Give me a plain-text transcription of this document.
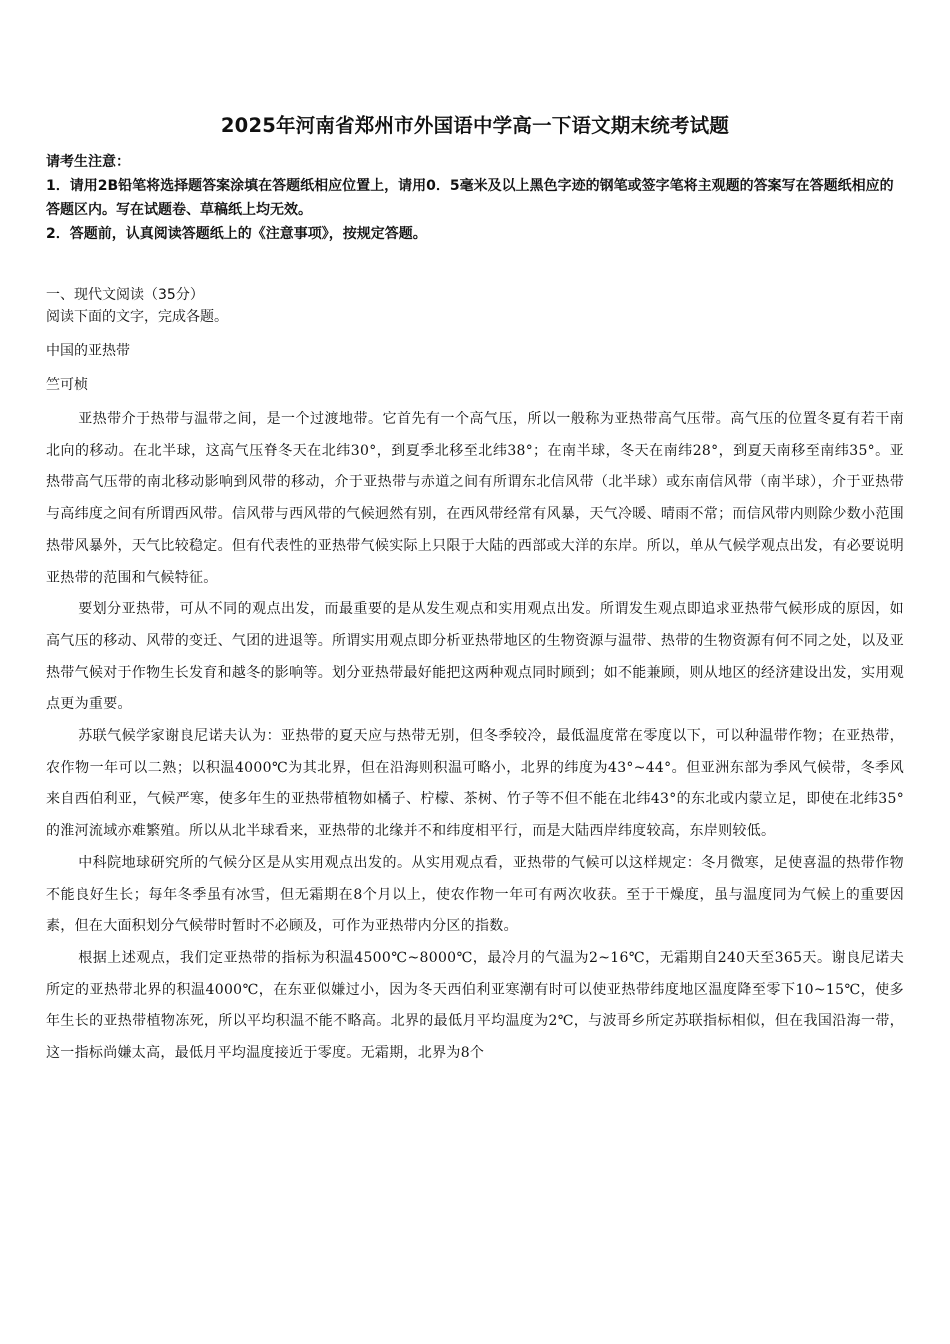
2025年河南省郑州市外国语中学高一下语文期末统考试题

请考生注意：

1．请用2B铅笔将选择题答案涂填在答题纸相应位置上，请用0．5毫米及以上黑色字迹的钢笔或签字笔将主观题的答案写在答题纸相应的答题区内。写在试题卷、草稿纸上均无效。

2．答题前，认真阅读答题纸上的《注意事项》，按规定答题。

一、现代文阅读（35分）
阅读下面的文字，完成各题。
中国的亚热带
竺可桢

亚热带介于热带与温带之间，是一个过渡地带。它首先有一个高气压，所以一般称为亚热带高气压带。高气压的位置冬夏有若干南北向的移动。在北半球，这高气压脊冬天在北纬30°，到夏季北移至北纬38°；在南半球，冬天在南纬28°，到夏天南移至南纬35°。亚热带高气压带的南北移动影响到风带的移动，介于亚热带与赤道之间有所谓东北信风带（北半球）或东南信风带（南半球），介于亚热带与高纬度之间有所谓西风带。信风带与西风带的气候迥然有别，在西风带经常有风暴，天气冷暖、晴雨不常；而信风带内则除少数小范围热带风暴外，天气比较稳定。但有代表性的亚热带气候实际上只限于大陆的西部或大洋的东岸。所以，单从气候学观点出发，有必要说明亚热带的范围和气候特征。

要划分亚热带，可从不同的观点出发，而最重要的是从发生观点和实用观点出发。所谓发生观点即追求亚热带气候形成的原因，如高气压的移动、风带的变迁、气团的进退等。所谓实用观点即分析亚热带地区的生物资源与温带、热带的生物资源有何不同之处，以及亚热带气候对于作物生长发育和越冬的影响等。划分亚热带最好能把这两种观点同时顾到；如不能兼顾，则从地区的经济建设出发，实用观点更为重要。

苏联气候学家谢良尼诺夫认为：亚热带的夏天应与热带无别，但冬季较冷，最低温度常在零度以下，可以种温带作物；在亚热带，农作物一年可以二熟；以积温4000℃为其北界，但在沿海则积温可略小，北界的纬度为43°~44°。但亚洲东部为季风气候带，冬季风来自西伯利亚，气候严寒，使多年生的亚热带植物如橘子、柠檬、茶树、竹子等不但不能在北纬43°的东北或内蒙立足，即使在北纬35°的淮河流域亦难繁殖。所以从北半球看来，亚热带的北缘并不和纬度相平行，而是大陆西岸纬度较高，东岸则较低。

中科院地球研究所的气候分区是从实用观点出发的。从实用观点看，亚热带的气候可以这样规定：冬月微寒，足使喜温的热带作物不能良好生长；每年冬季虽有冰雪，但无霜期在8个月以上，使农作物一年可有两次收获。至于干燥度，虽与温度同为气候上的重要因素，但在大面积划分气候带时暂时不必顾及，可作为亚热带内分区的指数。

根据上述观点，我们定亚热带的指标为积温4500℃~8000℃，最冷月的气温为2~16℃，无霜期自240天至365天。谢良尼诺夫所定的亚热带北界的积温4000℃，在东亚似嫌过小，因为冬天西伯利亚寒潮有时可以使亚热带纬度地区温度降至零下10~15℃，使多年生长的亚热带植物冻死，所以平均积温不能不略高。北界的最低月平均温度为2℃，与波哥乡所定苏联指标相似，但在我国沿海一带，这一指标尚嫌太高，最低月平均温度接近于零度。无霜期，北界为8个
